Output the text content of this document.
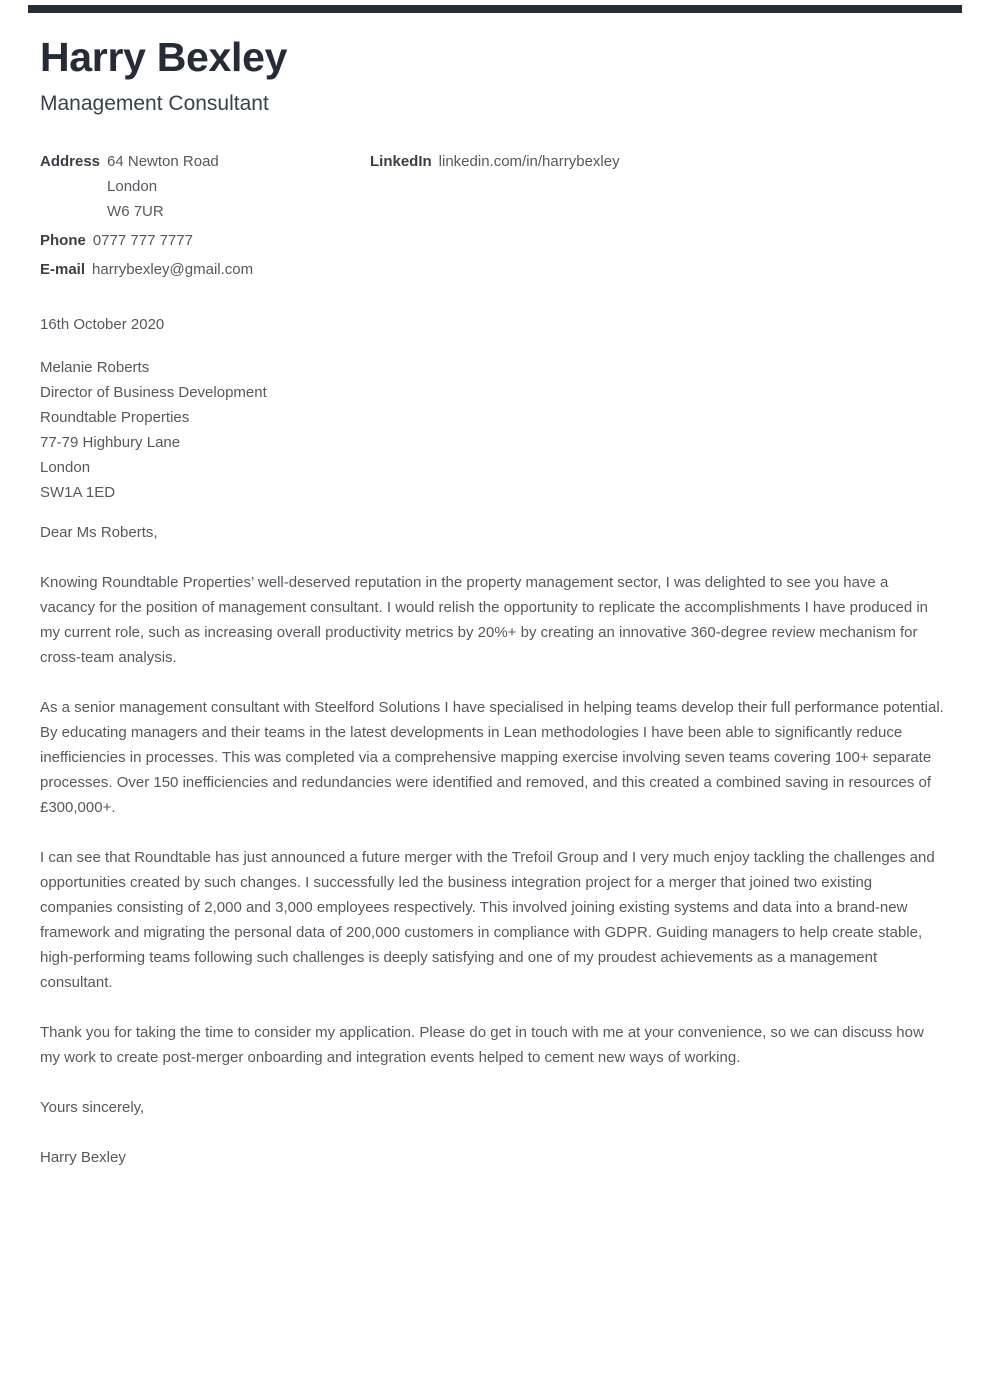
Harry Bexley
Management Consultant
Address 64 Newton Road
London
W6 7UR
Phone 0777 777 7777
E-mail harrybexley@gmail.com
LinkedIn linkedin.com/in/harrybexley
16th October 2020
Melanie Roberts
Director of Business Development
Roundtable Properties
77-79 Highbury Lane
London
SW1A 1ED
Dear Ms Roberts,

Knowing Roundtable Properties’ well-deserved reputation in the property management sector, I was delighted to see you have a vacancy for the position of management consultant. I would relish the opportunity to replicate the accomplishments I have produced in my current role, such as increasing overall productivity metrics by 20%+ by creating an innovative 360-degree review mechanism for cross-team analysis.

As a senior management consultant with Steelford Solutions I have specialised in helping teams develop their full performance potential. By educating managers and their teams in the latest developments in Lean methodologies I have been able to significantly reduce inefficiencies in processes. This was completed via a comprehensive mapping exercise involving seven teams covering 100+ separate processes. Over 150 inefficiencies and redundancies were identified and removed, and this created a combined saving in resources of £300,000+.

I can see that Roundtable has just announced a future merger with the Trefoil Group and I very much enjoy tackling the challenges and opportunities created by such changes. I successfully led the business integration project for a merger that joined two existing companies consisting of 2,000 and 3,000 employees respectively. This involved joining existing systems and data into a brand-new framework and migrating the personal data of 200,000 customers in compliance with GDPR. Guiding managers to help create stable, high-performing teams following such challenges is deeply satisfying and one of my proudest achievements as a management consultant.

Thank you for taking the time to consider my application. Please do get in touch with me at your convenience, so we can discuss how my work to create post-merger onboarding and integration events helped to cement new ways of working.

Yours sincerely,
Harry Bexley
